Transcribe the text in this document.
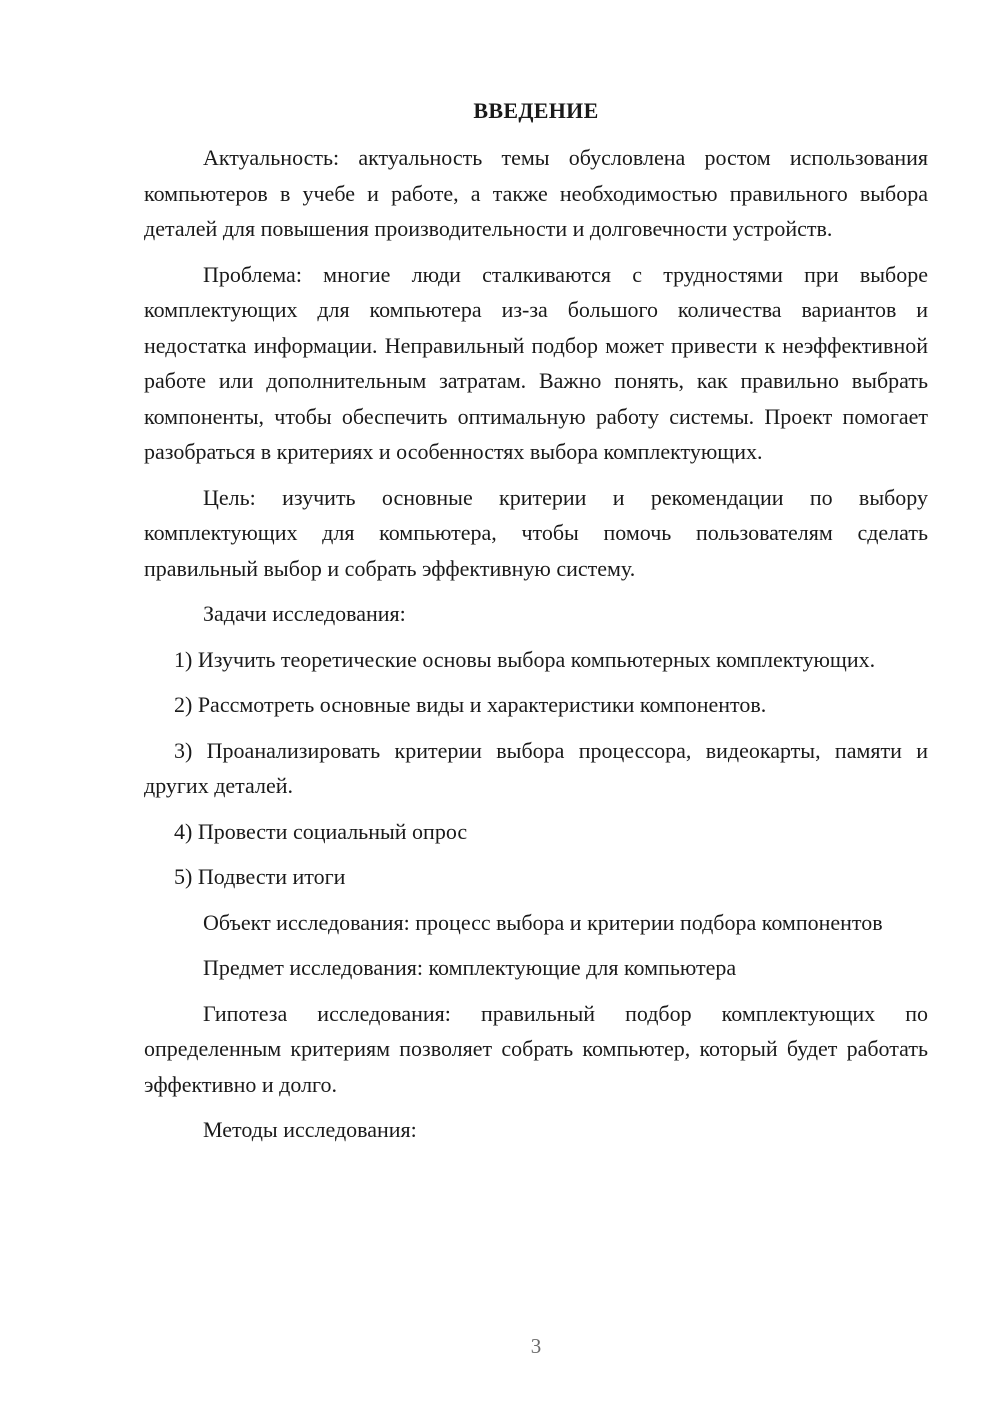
ВВЕДЕНИЕ

Актуальность: актуальность темы обусловлена ростом использования компьютеров в учебе и работе, а также необходимостью правильного выбора деталей для повышения производительности и долговечности устройств.

Проблема: многие люди сталкиваются с трудностями при выборе комплектующих для компьютера из-за большого количества вариантов и недостатка информации. Неправильный подбор может привести к неэффективной работе или дополнительным затратам. Важно понять, как правильно выбрать компоненты, чтобы обеспечить оптимальную работу системы. Проект помогает разобраться в критериях и особенностях выбора комплектующих.

Цель: изучить основные критерии и рекомендации по выбору комплектующих для компьютера, чтобы помочь пользователям сделать правильный выбор и собрать эффективную систему.

Задачи исследования:

1) Изучить теоретические основы выбора компьютерных комплектующих.

2) Рассмотреть основные виды и характеристики компонентов.

3) Проанализировать критерии выбора процессора, видеокарты, памяти и других деталей.

4) Провести социальный опрос

5) Подвести итоги

Объект исследования: процесс выбора и критерии подбора компонентов

Предмет исследования: комплектующие для компьютера

Гипотеза исследования: правильный подбор комплектующих по определенным критериям позволяет собрать компьютер, который будет работать эффективно и долго.

Методы исследования:

3
